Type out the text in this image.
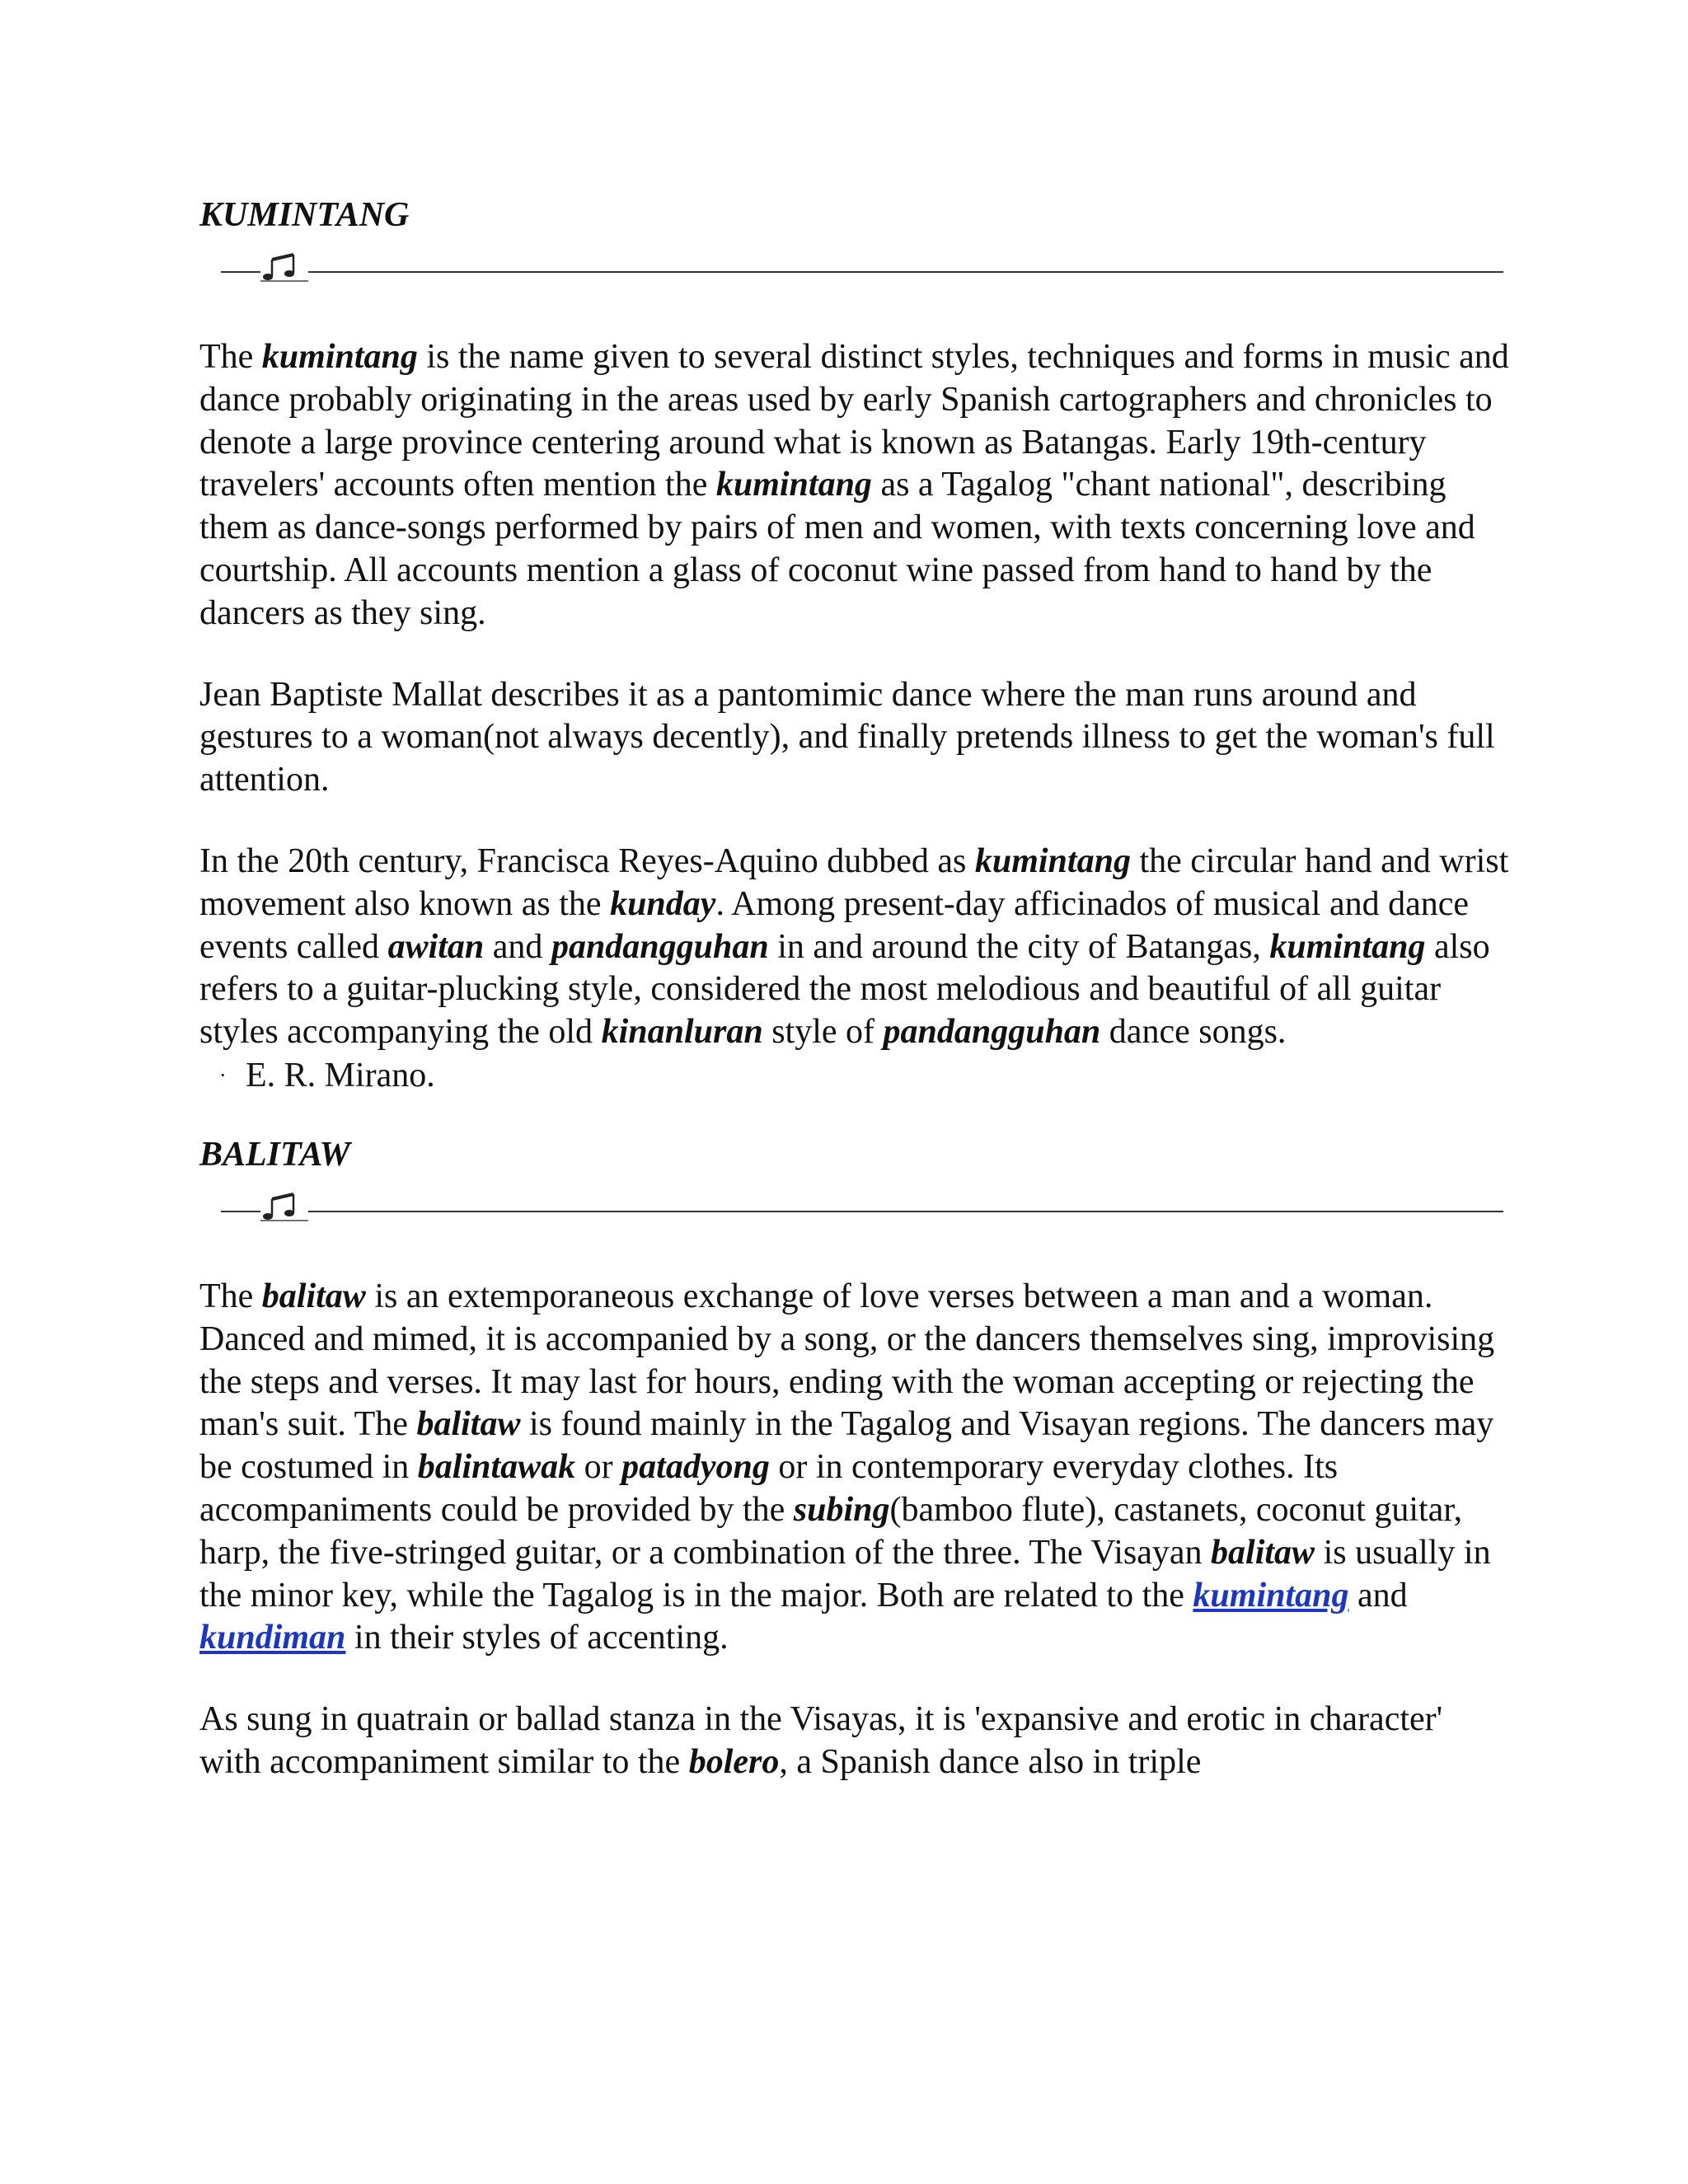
KUMINTANG

The kumintang is the name given to several distinct styles, techniques and forms in music and dance probably originating in the areas used by early Spanish cartographers and chronicles to denote a large province centering around what is known as Batangas. Early 19th-century travelers' accounts often mention the kumintang as a Tagalog "chant national", describing them as dance-songs performed by pairs of men and women, with texts concerning love and courtship. All accounts mention a glass of coconut wine passed from hand to hand by the dancers as they sing.

Jean Baptiste Mallat describes it as a pantomimic dance where the man runs around and gestures to a woman(not always decently), and finally pretends illness to get the woman's full attention.

In the 20th century, Francisca Reyes-Aquino dubbed as kumintang the circular hand and wrist movement also known as the kunday. Among present-day afficinados of musical and dance events called awitan and pandangguhan in and around the city of Batangas, kumintang also refers to a guitar-plucking style, considered the most melodious and beautiful of all guitar styles accompanying the old kinanluran style of pandangguhan dance songs.

· E. R. Mirano.

BALITAW

The balitaw is an extemporaneous exchange of love verses between a man and a woman. Danced and mimed, it is accompanied by a song, or the dancers themselves sing, improvising the steps and verses. It may last for hours, ending with the woman accepting or rejecting the man's suit. The balitaw is found mainly in the Tagalog and Visayan regions. The dancers may be costumed in balintawak or patadyong or in contemporary everyday clothes. Its accompaniments could be provided by the subing(bamboo flute), castanets, coconut guitar, harp, the five-stringed guitar, or a combination of the three. The Visayan balitaw is usually in the minor key, while the Tagalog is in the major. Both are related to the kumintang and kundiman in their styles of accenting.

As sung in quatrain or ballad stanza in the Visayas, it is 'expansive and erotic in character' with accompaniment similar to the bolero, a Spanish dance also in triple
